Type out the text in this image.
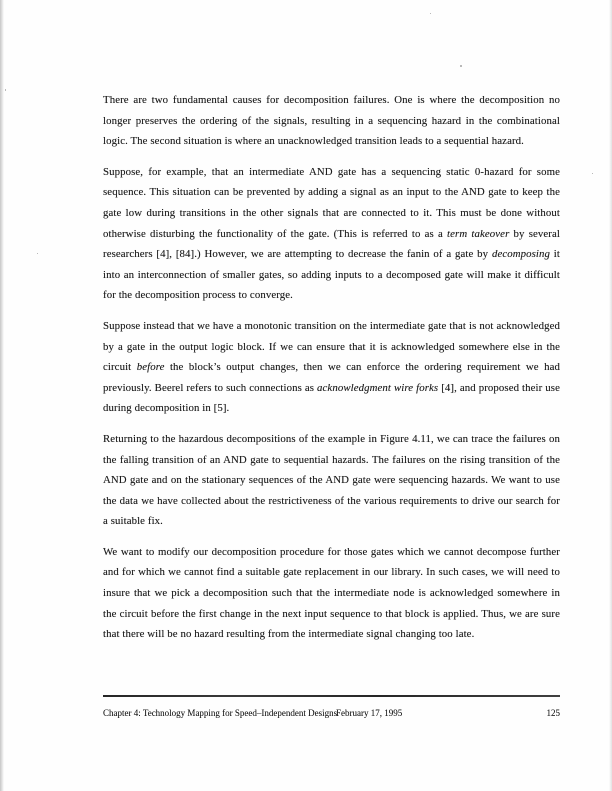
There are two fundamental causes for decomposition failures. One is where the decomposition no longer preserves the ordering of the signals, resulting in a sequencing hazard in the combinational logic. The second situation is where an unacknowledged transition leads to a sequential hazard.

Suppose, for example, that an intermediate AND gate has a sequencing static 0-hazard for some sequence. This situation can be prevented by adding a signal as an input to the AND gate to keep the gate low during transitions in the other signals that are connected to it. This must be done without otherwise disturbing the functionality of the gate. (This is referred to as a term takeover by several researchers [4], [84].) However, we are attempting to decrease the fanin of a gate by decomposing it into an interconnection of smaller gates, so adding inputs to a decomposed gate will make it difficult for the decomposition process to converge.

Suppose instead that we have a monotonic transition on the intermediate gate that is not acknowledged by a gate in the output logic block. If we can ensure that it is acknowledged somewhere else in the circuit before the block’s output changes, then we can enforce the ordering requirement we had previously. Beerel refers to such connections as acknowledgment wire forks [4], and proposed their use during decomposition in [5].

Returning to the hazardous decompositions of the example in Figure 4.11, we can trace the failures on the falling transition of an AND gate to sequential hazards. The failures on the rising transition of the AND gate and on the stationary sequences of the AND gate were sequencing hazards. We want to use the data we have collected about the restrictiveness of the various requirements to drive our search for a suitable fix.

We want to modify our decomposition procedure for those gates which we cannot decompose further and for which we cannot find a suitable gate replacement in our library. In such cases, we will need to insure that we pick a decomposition such that the intermediate node is acknowledged somewhere in the circuit before the first change in the next input sequence to that block is applied. Thus, we are sure that there will be no hazard resulting from the intermediate signal changing too late.

Chapter 4: Technology Mapping for Speed–Independent Designs
February 17, 1995	125
